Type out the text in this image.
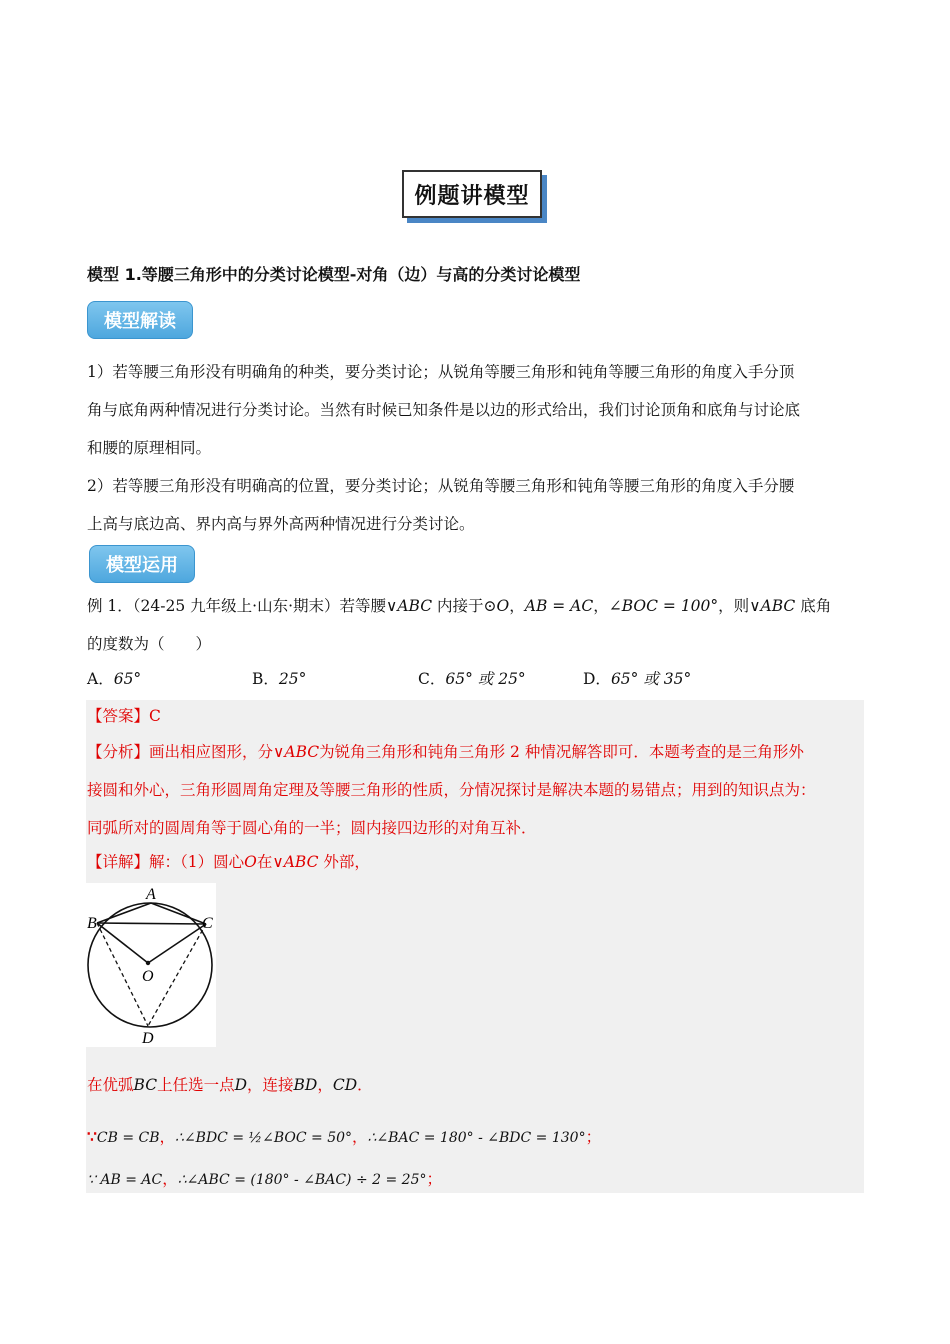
例题讲模型
模型 1.等腰三角形中的分类讨论模型-对角（边）与高的分类讨论模型
模型解读
1）若等腰三角形没有明确角的种类，要分类讨论；从锐角等腰三角形和钝角等腰三角形的角度入手分顶
角与底角两种情况进行分类讨论。当然有时候已知条件是以边的形式给出，我们讨论顶角和底角与讨论底
和腰的原理相同。
2）若等腰三角形没有明确高的位置，要分类讨论；从锐角等腰三角形和钝角等腰三角形的角度入手分腰
上高与底边高、界内高与界外高两种情况进行分类讨论。
模型运用
例 1．（24-25 九年级上·山东·期末）若等腰∨ABC 内接于⊙O，AB = AC，∠BOC = 100°，则∨ABC 底角
的度数为（　　）
A．65°	B．25°	C．65° 或 25°	D．65° 或 35°
【答案】C
【分析】画出相应图形，分∨ABC为锐角三角形和钝角三角形 2 种情况解答即可．本题考查的是三角形外
接圆和外心，三角形圆周角定理及等腰三角形的性质，分情况探讨是解决本题的易错点；用到的知识点为：
同弧所对的圆周角等于圆心角的一半；圆内接四边形的对角互补．
【详解】解：（1）圆心O在∨ABC 外部，
A
B	C
O
D
在优弧BC上任选一点D，连接BD，CD．
∵CB = CB，∴∠BDC = ½∠BOC = 50°，∴∠BAC = 180° - ∠BDC = 130°；
∵ AB = AC，∴∠ABC = (180° - ∠BAC) ÷ 2 = 25°；
